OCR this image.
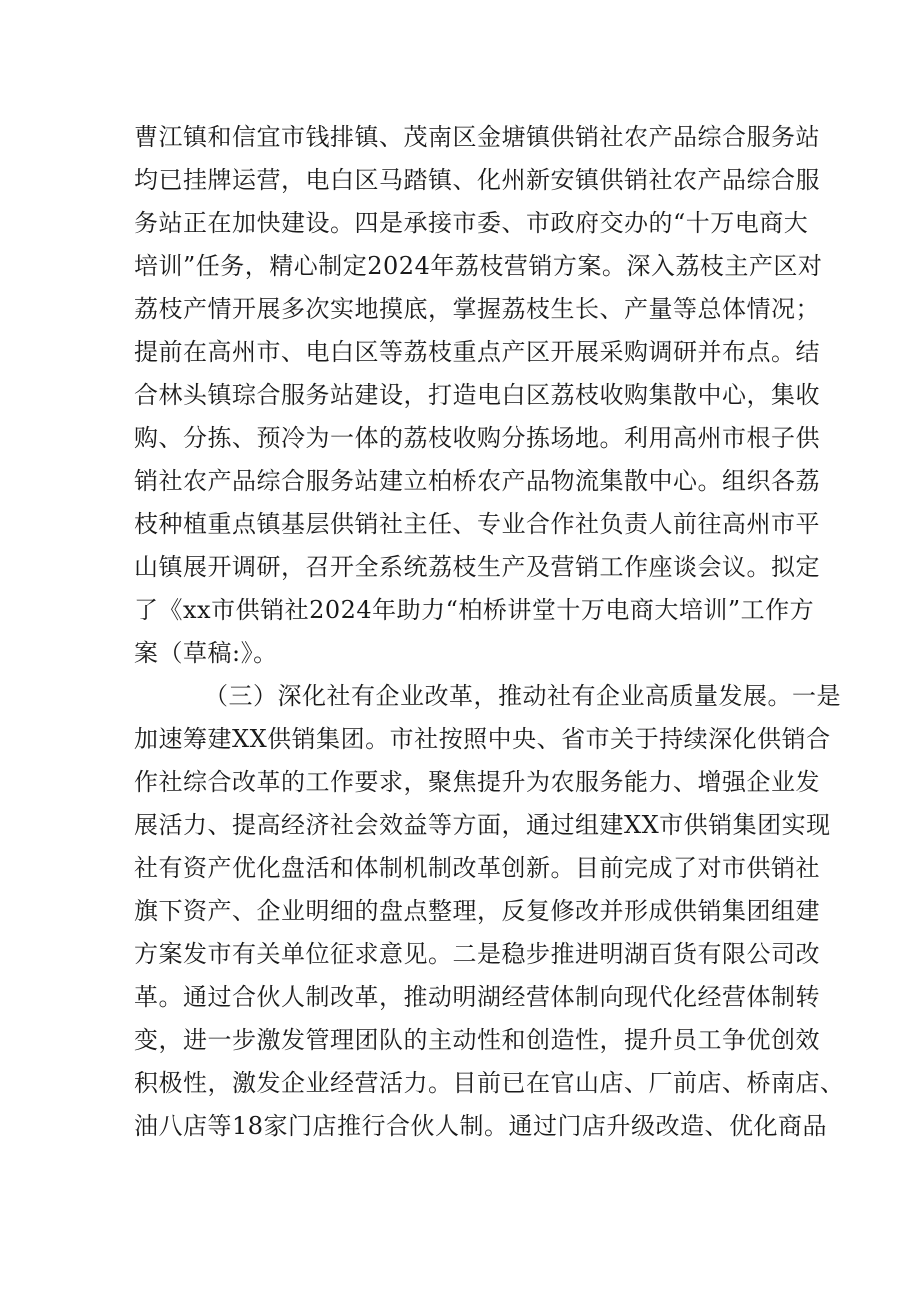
曹江镇和信宜市钱排镇、茂南区金塘镇供销社农产品综合服务站
均已挂牌运营，电白区马踏镇、化州新安镇供销社农产品综合服
务站正在加快建设。四是承接市委、市政府交办的“十万电商大
培训”任务，精心制定2024年荔枝营销方案。深入荔枝主产区对
荔枝产情开展多次实地摸底，掌握荔枝生长、产量等总体情况；
提前在高州市、电白区等荔枝重点产区开展采购调研并布点。结
合林头镇琮合服务站建设，打造电白区荔枝收购集散中心，集收
购、分拣、预冷为一体的荔枝收购分拣场地。利用高州市根子供
销社农产品综合服务站建立柏桥农产品物流集散中心。组织各荔
枝种植重点镇基层供销社主任、专业合作社负责人前往高州市平
山镇展开调研，召开全系统荔枝生产及营销工作座谈会议。拟定
了《xx市供销社2024年助力“柏桥讲堂十万电商大培训”工作方
案（草稿:》。
（三）深化社有企业改革，推动社有企业高质量发展。一是
加速筹建XX供销集团。市社按照中央、省市关于持续深化供销合
作社综合改革的工作要求，聚焦提升为农服务能力、增强企业发
展活力、提高经济社会效益等方面，通过组建XX市供销集团实现
社有资产优化盘活和体制机制改革创新。目前完成了对市供销社
旗下资产、企业明细的盘点整理，反复修改并形成供销集团组建
方案发市有关单位征求意见。二是稳步推进明湖百货有限公司改
革。通过合伙人制改革，推动明湖经营体制向现代化经营体制转
变，进一步激发管理团队的主动性和创造性，提升员工争优创效
积极性，激发企业经营活力。目前已在官山店、厂前店、桥南店、
油八店等18家门店推行合伙人制。通过门店升级改造、优化商品
